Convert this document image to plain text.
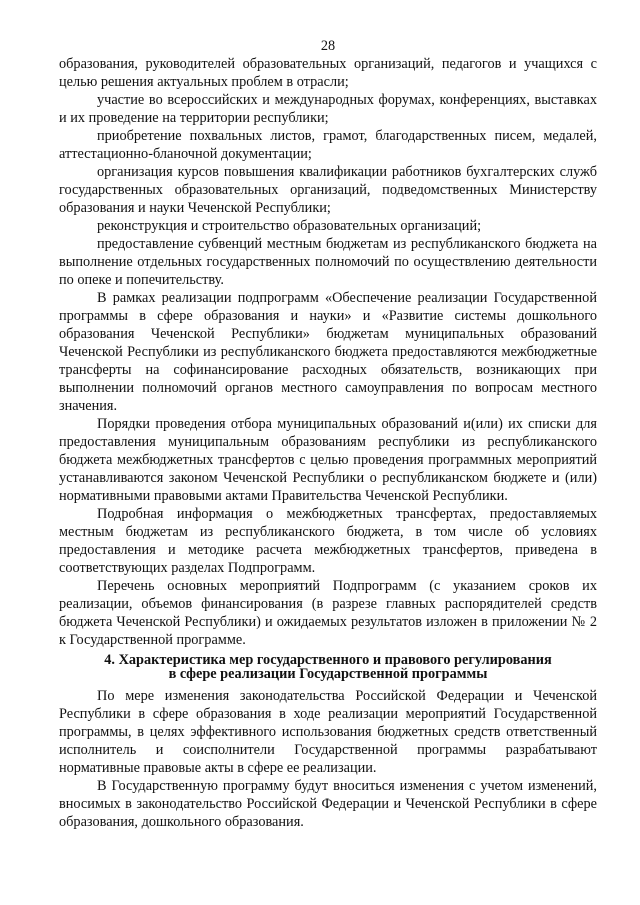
28

образования, руководителей образовательных организаций, педагогов и учащихся с целью решения актуальных проблем в отрасли;

участие во всероссийских и международных форумах, конференциях, выставках и их проведение на территории республики;

приобретение похвальных листов, грамот, благодарственных писем, медалей, аттестационно-бланочной документации;

организация курсов повышения квалификации работников бухгалтерских служб государственных образовательных организаций, подведомственных Министерству образования и науки Чеченской Республики;

реконструкция и строительство образовательных организаций;

предоставление субвенций местным бюджетам из республиканского бюджета на выполнение отдельных государственных полномочий по осуществлению деятельности по опеке и попечительству.

В рамках реализации подпрограмм «Обеспечение реализации Государственной программы в сфере образования и науки» и «Развитие системы дошкольного образования Чеченской Республики» бюджетам муниципальных образований Чеченской Республики из республиканского бюджета предоставляются межбюджетные трансферты на софинансирование расходных обязательств, возникающих при выполнении полномочий органов местного самоуправления по вопросам местного значения.

Порядки проведения отбора муниципальных образований и(или) их списки для предоставления муниципальным образованиям республики из республиканского бюджета межбюджетных трансфертов с целью проведения программных мероприятий устанавливаются законом Чеченской Республики о республиканском бюджете и (или) нормативными правовыми актами Правительства Чеченской Республики.

Подробная информация о межбюджетных трансфертах, предоставляемых местным бюджетам из республиканского бюджета, в том числе об условиях предоставления и методике расчета межбюджетных трансфертов, приведена в соответствующих разделах Подпрограмм.

Перечень основных мероприятий Подпрограмм (с указанием сроков их реализации, объемов финансирования (в разрезе главных распорядителей средств бюджета Чеченской Республики) и ожидаемых результатов изложен в приложении № 2 к Государственной программе.

4. Характеристика мер государственного и правового регулирования
в сфере реализации Государственной программы

По мере изменения законодательства Российской Федерации и Чеченской Республики в сфере образования в ходе реализации мероприятий Государственной программы, в целях эффективного использования бюджетных средств ответственный исполнитель и соисполнители Государственной программы разрабатывают нормативные правовые акты в сфере ее реализации.

В Государственную программу будут вноситься изменения с учетом изменений, вносимых в законодательство Российской Федерации и Чеченской Республики в сфере образования, дошкольного образования.
